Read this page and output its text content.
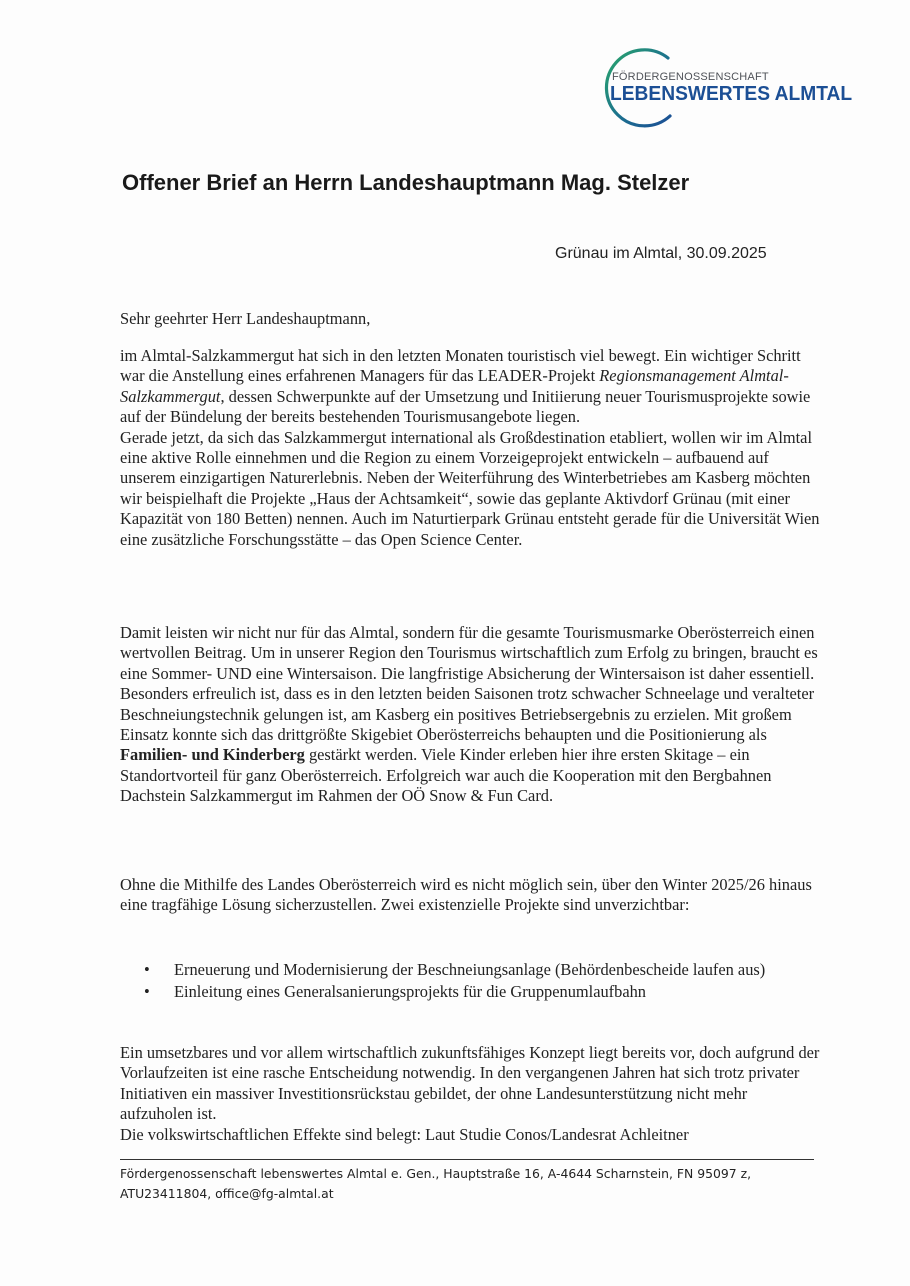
FÖRDERGENOSSENSCHAFT
LEBENSWERTES ALMTAL
Offener Brief an Herrn Landeshauptmann Mag. Stelzer
Grünau im Almtal, 30.09.2025
Sehr geehrter Herr Landeshauptmann,

im Almtal-Salzkammergut hat sich in den letzten Monaten touristisch viel bewegt. Ein wichtiger Schritt war die Anstellung eines erfahrenen Managers für das LEADER-Projekt Regionsmanagement Almtal-Salzkammergut, dessen Schwerpunkte auf der Umsetzung und Initiierung neuer Tourismusprojekte sowie auf der Bündelung der bereits bestehenden Tourismusangebote liegen.

Gerade jetzt, da sich das Salzkammergut international als Großdestination etabliert, wollen wir im Almtal eine aktive Rolle einnehmen und die Region zu einem Vorzeigeprojekt entwickeln – aufbauend auf unserem einzigartigen Naturerlebnis. Neben der Weiterführung des Winterbetriebes am Kasberg möchten wir beispielhaft die Projekte „Haus der Achtsamkeit“, sowie das geplante Aktivdorf Grünau (mit einer Kapazität von 180 Betten) nennen. Auch im Naturtierpark Grünau entsteht gerade für die Universität Wien eine zusätzliche Forschungsstätte – das Open Science Center.

Damit leisten wir nicht nur für das Almtal, sondern für die gesamte Tourismusmarke Oberösterreich einen wertvollen Beitrag. Um in unserer Region den Tourismus wirtschaftlich zum Erfolg zu bringen, braucht es eine Sommer- UND eine Wintersaison. Die langfristige Absicherung der Wintersaison ist daher essentiell.

Besonders erfreulich ist, dass es in den letzten beiden Saisonen trotz schwacher Schneelage und veralteter Beschneiungstechnik gelungen ist, am Kasberg ein positives Betriebsergebnis zu erzielen. Mit großem Einsatz konnte sich das drittgrößte Skigebiet Oberösterreichs behaupten und die Positionierung als Familien- und Kinderberg gestärkt werden. Viele Kinder erleben hier ihre ersten Skitage – ein Standortvorteil für ganz Oberösterreich. Erfolgreich war auch die Kooperation mit den Bergbahnen Dachstein Salzkammergut im Rahmen der OÖ Snow & Fun Card.

Ohne die Mithilfe des Landes Oberösterreich wird es nicht möglich sein, über den Winter 2025/26 hinaus eine tragfähige Lösung sicherzustellen. Zwei existenzielle Projekte sind unverzichtbar:
• Erneuerung und Modernisierung der Beschneiungsanlage (Behördenbescheide laufen aus)
• Einleitung eines Generalsanierungsprojekts für die Gruppenumlaufbahn

Ein umsetzbares und vor allem wirtschaftlich zukunftsfähiges Konzept liegt bereits vor, doch aufgrund der Vorlaufzeiten ist eine rasche Entscheidung notwendig. In den vergangenen Jahren hat sich trotz privater Initiativen ein massiver Investitionsrückstau gebildet, der ohne Landesunterstützung nicht mehr aufzuholen ist.

Die volkswirtschaftlichen Effekte sind belegt: Laut Studie Conos/Landesrat Achleitner

Fördergenossenschaft lebenswertes Almtal e. Gen., Hauptstraße 16, A-4644 Scharnstein, FN 95097 z,
ATU23411804, office@fg-almtal.at
